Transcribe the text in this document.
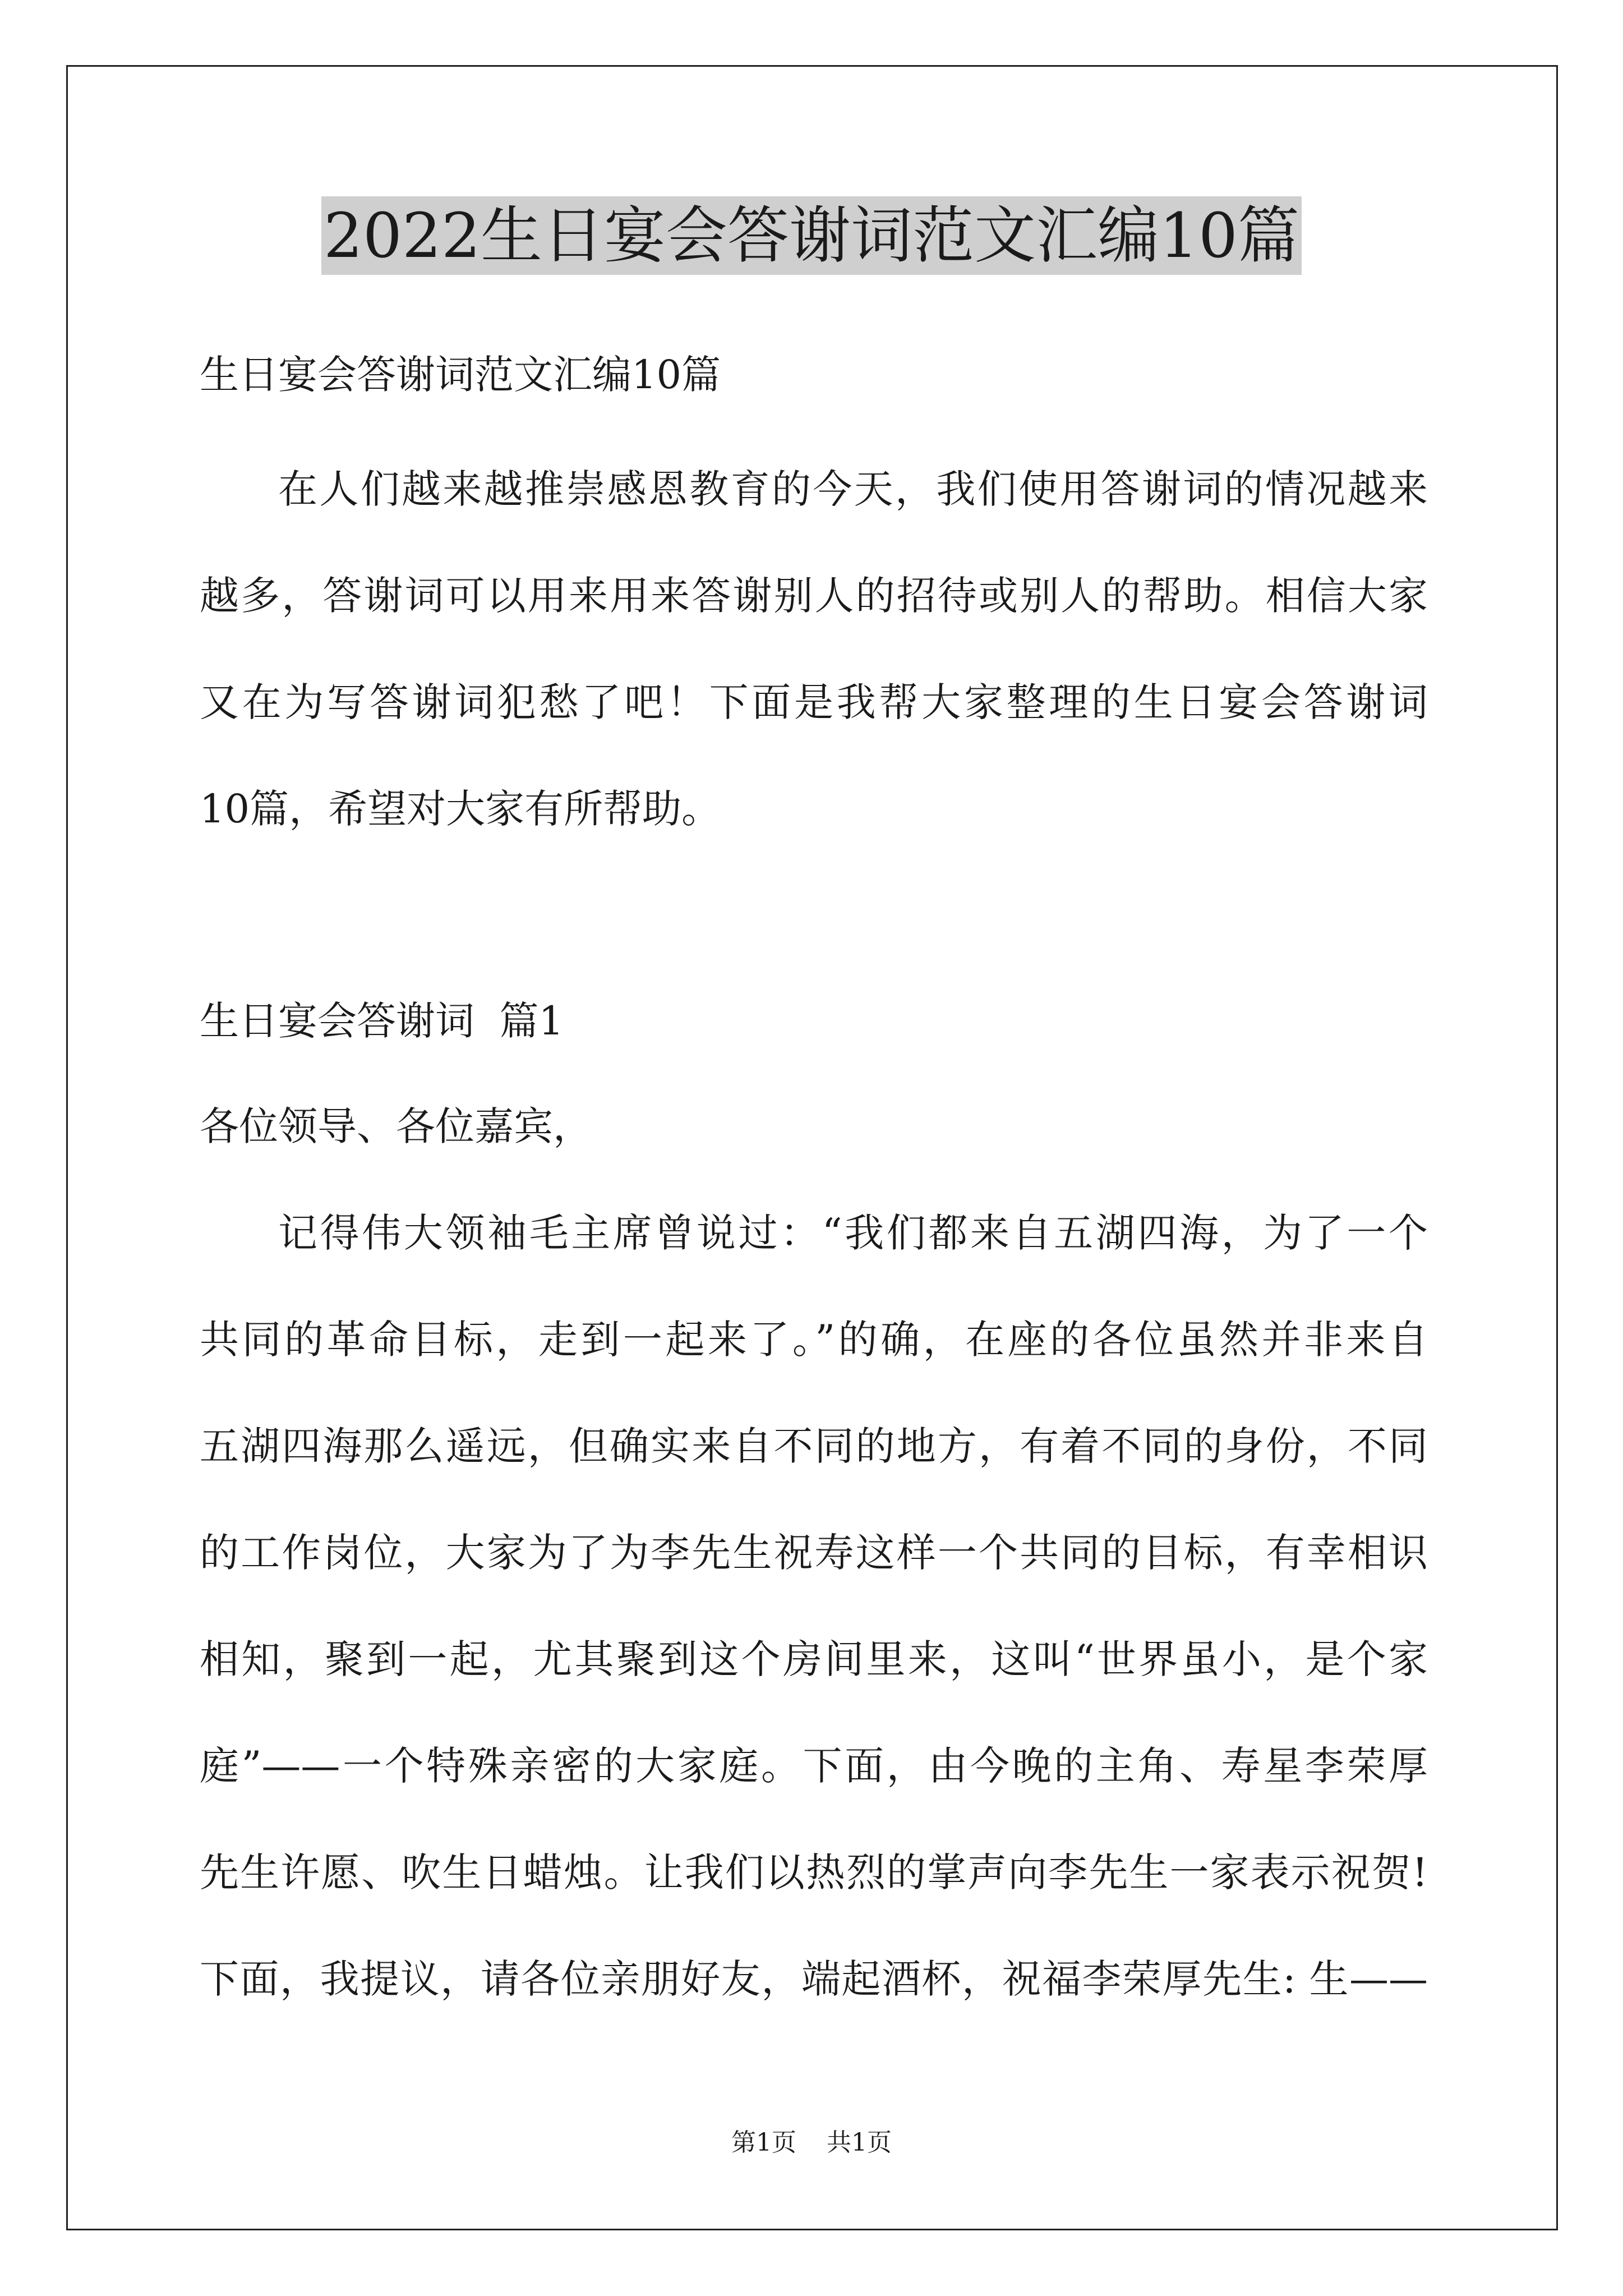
2022生日宴会答谢词范文汇编10篇
生日宴会答谢词范文汇编10篇
在人们越来越推崇感恩教育的今天，我们使用答谢词的情况越来
越多，答谢词可以用来用来答谢别人的招待或别人的帮助。相信大家
又在为写答谢词犯愁了吧！下面是我帮大家整理的生日宴会答谢词
10篇，希望对大家有所帮助。
生日宴会答谢词  篇1
各位领导、各位嘉宾，
记得伟大领袖毛主席曾说过：“我们都来自五湖四海，为了一个
共同的革命目标，走到一起来了。”的确，在座的各位虽然并非来自
五湖四海那么遥远，但确实来自不同的地方，有着不同的身份，不同
的工作岗位，大家为了为李先生祝寿这样一个共同的目标，有幸相识
相知，聚到一起，尤其聚到这个房间里来，这叫“世界虽小，是个家
庭”——一个特殊亲密的大家庭。下面，由今晚的主角、寿星李荣厚
先生许愿、吹生日蜡烛。让我们以热烈的掌声向李先生一家表示祝贺!
下面，我提议，请各位亲朋好友，端起酒杯，祝福李荣厚先生: 生——
第1页 共1页
